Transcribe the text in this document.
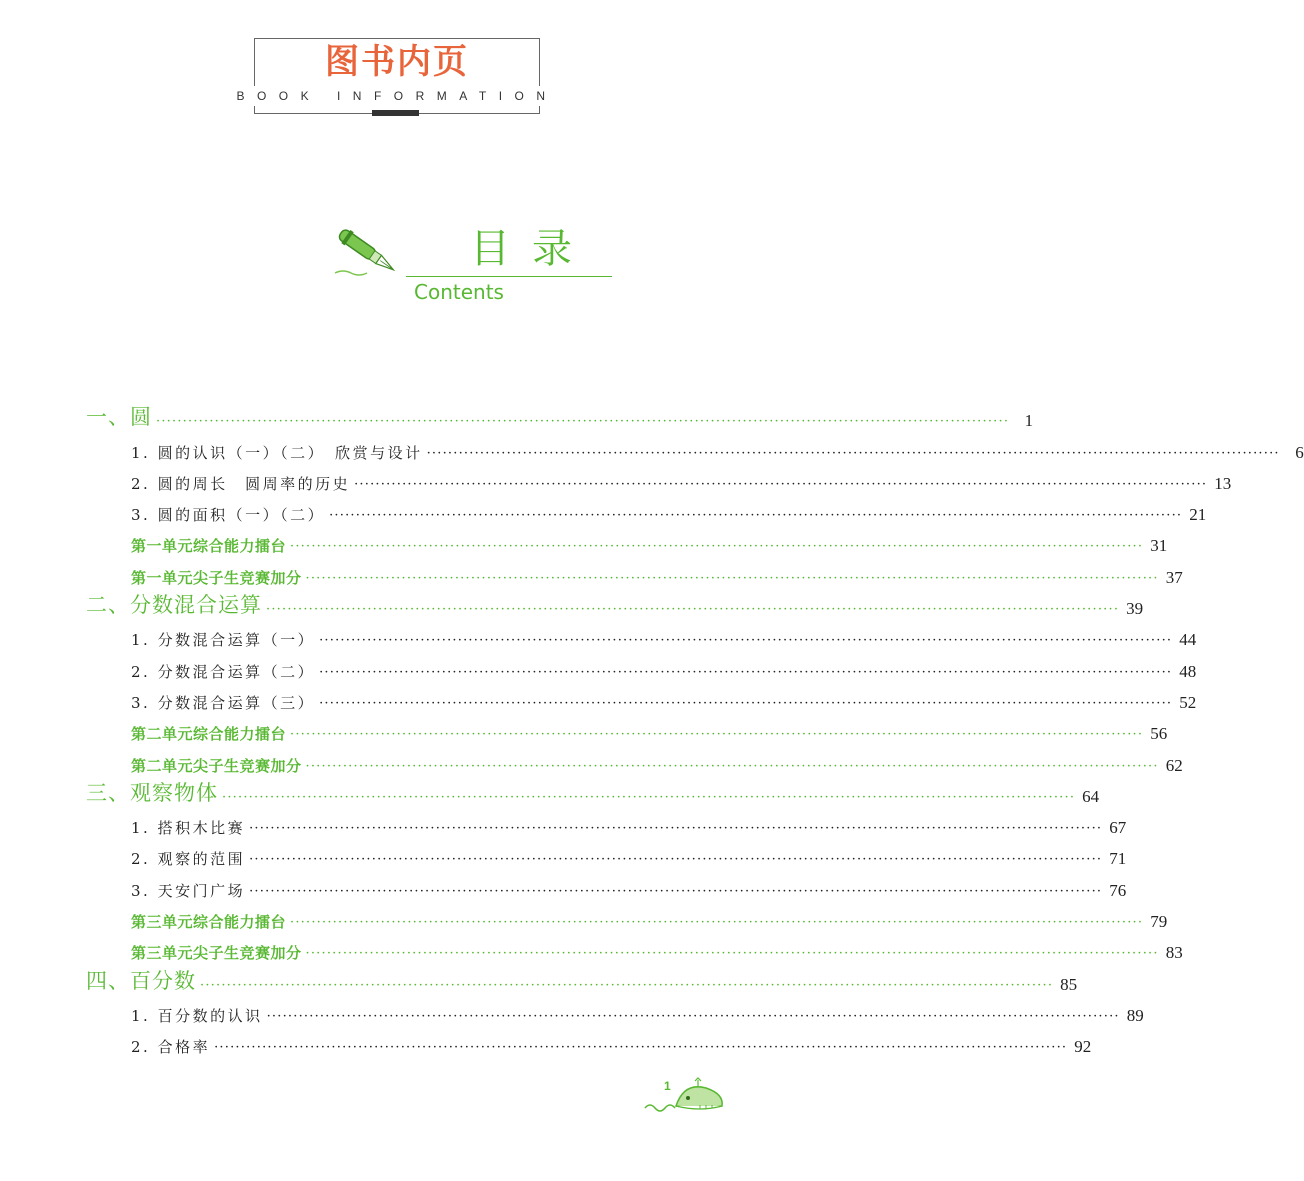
图书内页
BOOK INFORMATION
目录
Contents
一、圆 ································································································································································ 1
1. 圆的认识（一）（二）　欣赏与设计 ································································································································································ 6
2. 圆的周长　圆周率的历史 ································································································································································ 13
3. 圆的面积（一）（二） ································································································································································ 21
第一单元综合能力擂台 ································································································································································ 31
第一单元尖子生竞赛加分 ································································································································································ 37
二、分数混合运算 ································································································································································ 39
1. 分数混合运算（一） ································································································································································ 44
2. 分数混合运算（二） ································································································································································ 48
3. 分数混合运算（三） ································································································································································ 52
第二单元综合能力擂台 ································································································································································ 56
第二单元尖子生竞赛加分 ································································································································································ 62
三、观察物体 ································································································································································ 64
1. 搭积木比赛 ································································································································································ 67
2. 观察的范围 ································································································································································ 71
3. 天安门广场 ································································································································································ 76
第三单元综合能力擂台 ································································································································································ 79
第三单元尖子生竞赛加分 ································································································································································ 83
四、百分数 ································································································································································ 85
1. 百分数的认识 ································································································································································ 89
2. 合格率 ································································································································································ 92
1
